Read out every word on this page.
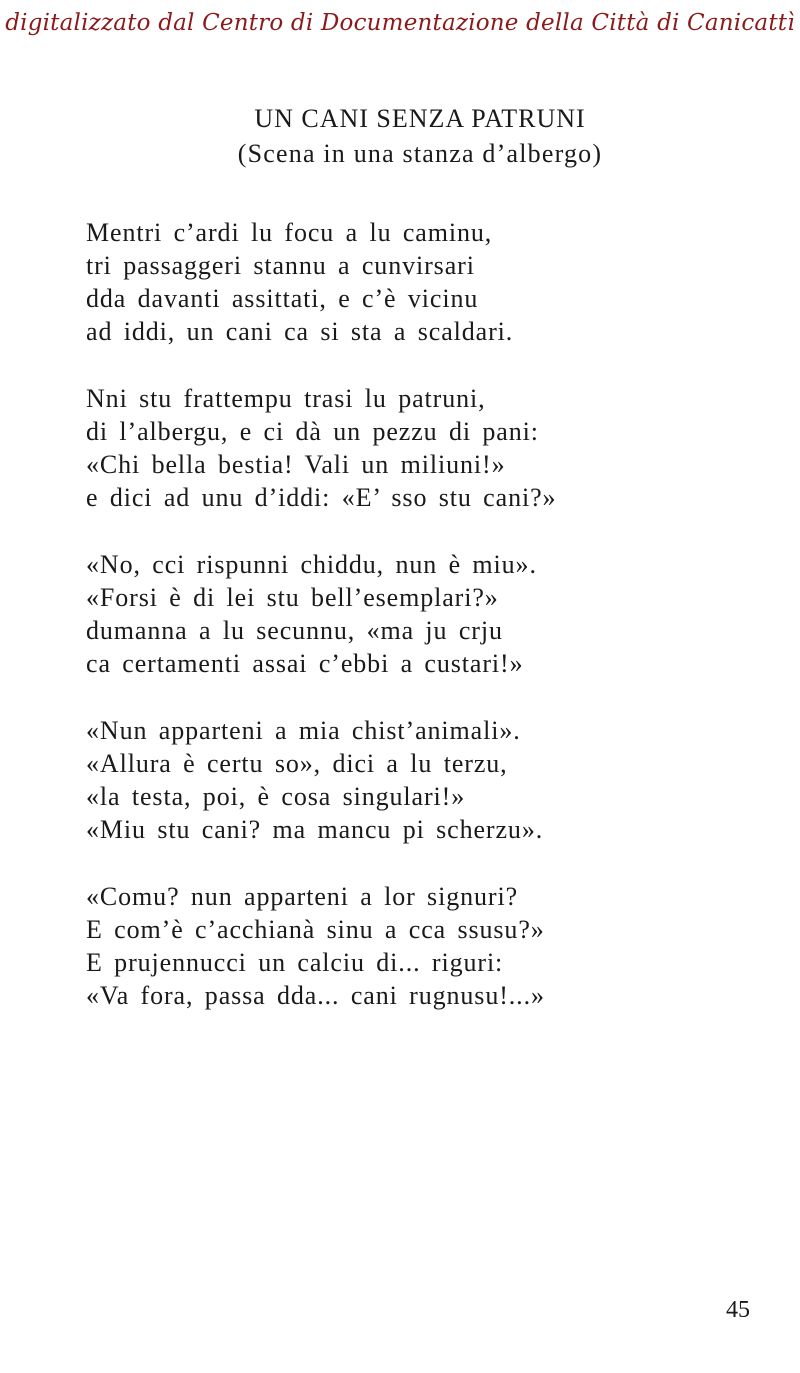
digitalizzato dal Centro di Documentazione della Città di Canicattì
UN CANI SENZA PATRUNI
(Scena in una stanza d’albergo)
Mentri c’ardi lu focu a lu caminu,
tri passaggeri stannu a cunvirsari
dda davanti assittati, e c’è vicinu
ad iddi, un cani ca si sta a scaldari.
Nni stu frattempu trasi lu patruni,
di l’albergu, e ci dà un pezzu di pani:
«Chi bella bestia! Vali un miliuni!»
e dici ad unu d’iddi: «E’ sso stu cani?»
«No, cci rispunni chiddu, nun è miu».
«Forsi è di lei stu bell’esemplari?»
dumanna a lu secunnu, «ma ju crju
ca certamenti assai c’ebbi a custari!»
«Nun apparteni a mia chist’animali».
«Allura è certu so», dici a lu terzu,
«la testa, poi, è cosa singulari!»
«Miu stu cani? ma mancu pi scherzu».
«Comu? nun apparteni a lor signuri?
E com’è c’acchianà sinu a cca ssusu?»
E prujennucci un calciu di... riguri:
«Va fora, passa dda... cani rugnusu!...»
45
